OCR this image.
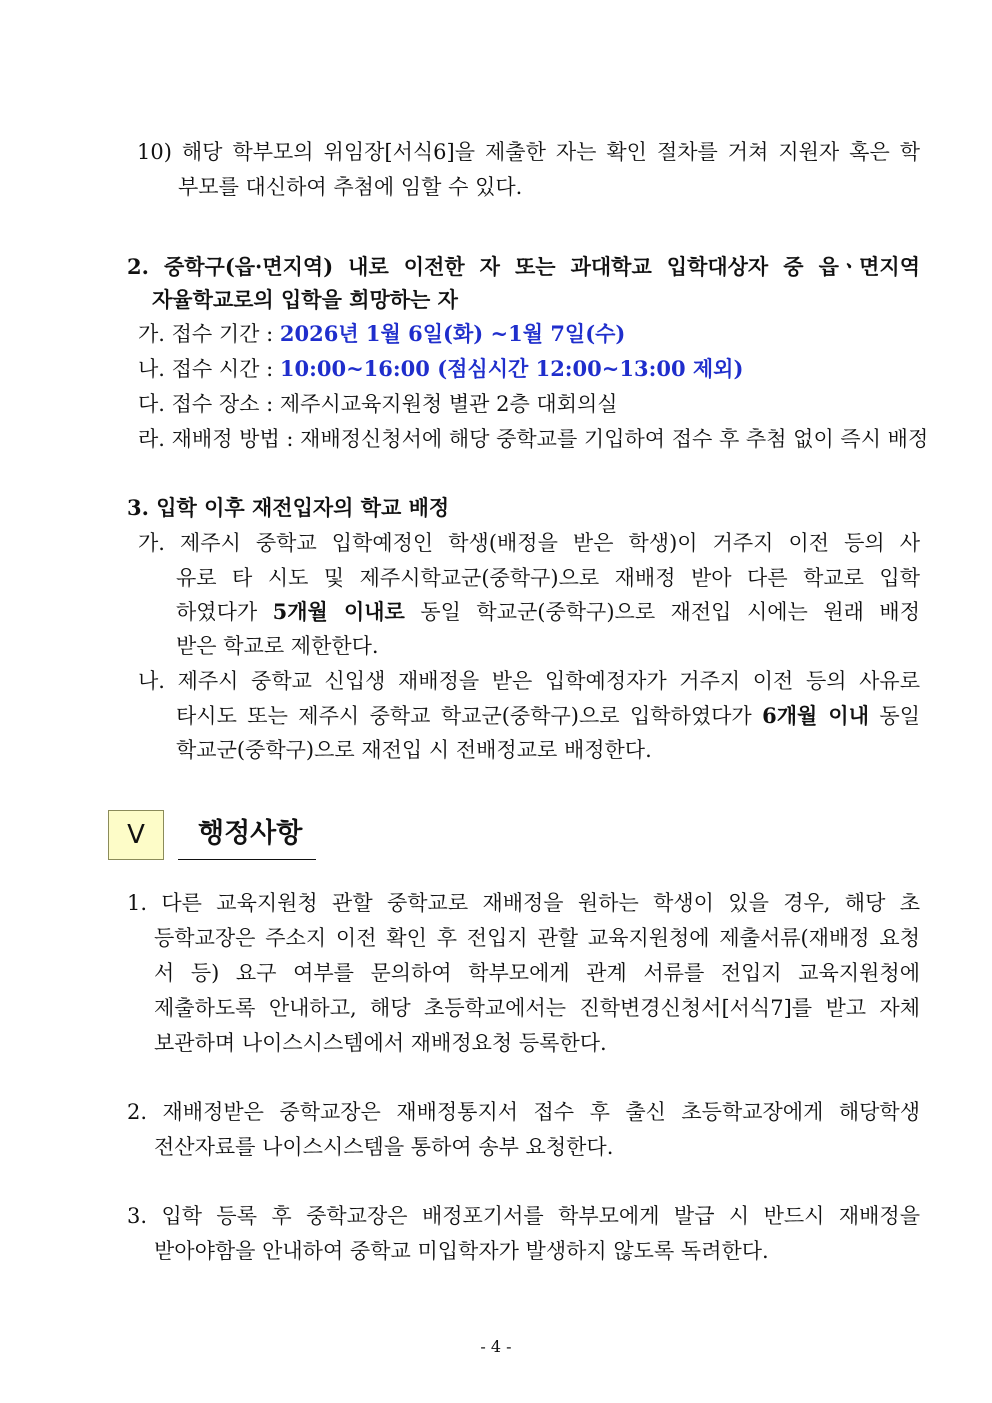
10) 해당 학부모의 위임장[서식6]을 제출한 자는 확인 절차를 거쳐 지원자 혹은 학
부모를 대신하여 추첨에 임할 수 있다.
2. 중학구(읍·면지역) 내로 이전한 자 또는 과대학교 입학대상자 중 읍ㆍ면지역
자율학교로의 입학을 희망하는 자
가. 접수 기간 : 2026년 1월 6일(화) ~1월 7일(수)
나. 접수 시간 : 10:00~16:00 (점심시간 12:00~13:00 제외)
다. 접수 장소 : 제주시교육지원청 별관 2층 대회의실
라. 재배정 방법 : 재배정신청서에 해당 중학교를 기입하여 접수 후 추첨 없이 즉시 배정
3. 입학 이후 재전입자의 학교 배정
가. 제주시 중학교 입학예정인 학생(배정을 받은 학생)이 거주지 이전 등의 사
유로 타 시도 및 제주시학교군(중학구)으로 재배정 받아 다른 학교로 입학
하였다가 5개월 이내로 동일 학교군(중학구)으로 재전입 시에는 원래 배정
받은 학교로 제한한다.
나. 제주시 중학교 신입생 재배정을 받은 입학예정자가 거주지 이전 등의 사유로
타시도 또는 제주시 중학교 학교군(중학구)으로 입학하였다가 6개월 이내 동일
학교군(중학구)으로 재전입 시 전배정교로 배정한다.
Ⅴ	행정사항
1. 다른 교육지원청 관할 중학교로 재배정을 원하는 학생이 있을 경우, 해당 초
등학교장은 주소지 이전 확인 후 전입지 관할 교육지원청에 제출서류(재배정 요청
서 등) 요구 여부를 문의하여 학부모에게 관계 서류를 전입지 교육지원청에
제출하도록 안내하고, 해당 초등학교에서는 진학변경신청서[서식7]를 받고 자체
보관하며 나이스시스템에서 재배정요청 등록한다.
2. 재배정받은 중학교장은 재배정통지서 접수 후 출신 초등학교장에게 해당학생
전산자료를 나이스시스템을 통하여 송부 요청한다.
3. 입학 등록 후 중학교장은 배정포기서를 학부모에게 발급 시 반드시 재배정을
받아야함을 안내하여 중학교 미입학자가 발생하지 않도록 독려한다.
- 4 -
